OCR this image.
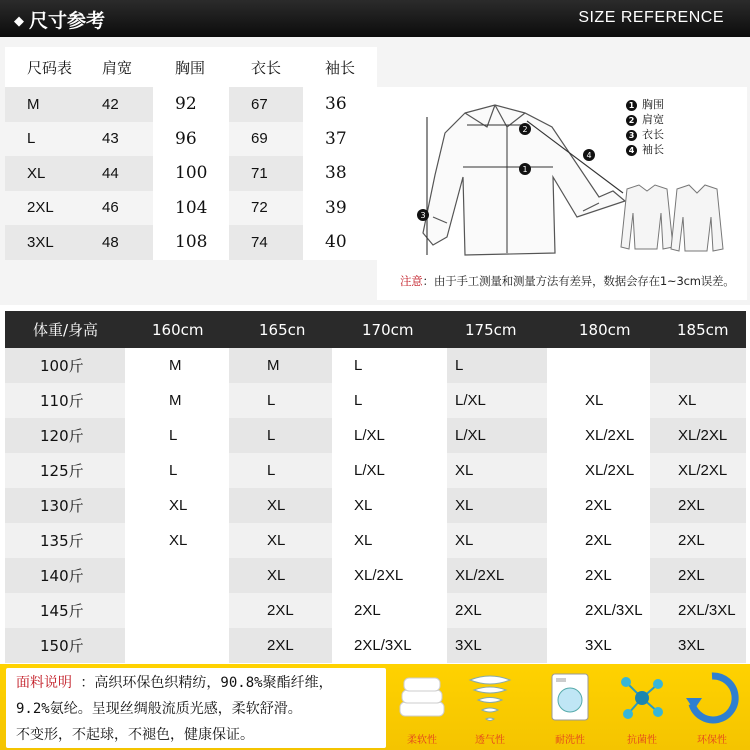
◆ 尺寸参考	SIZE REFERENCE
尺码表	肩宽	胸围	衣长	袖长
M	42	92	67	36
L	43	96	69	37
XL	44	100	71	38
2XL	46	104	72	39
3XL	48	108	74	40
2
1
3
4
1 胸围
2 肩宽
3 衣长
4 袖长
注意：由于手工测量和测量方法有差异，数据会存在1~3cm误差。
体重/身高	160cm	165cn	170cm	175cm	180cm	185cm
100斤	M	M	L	L		
110斤	M	L	L	L/XL	XL	XL
120斤	L	L	L/XL	L/XL	XL/2XL	XL/2XL
125斤	L	L	L/XL	XL	XL/2XL	XL/2XL
130斤	XL	XL	XL	XL	2XL	2XL
135斤	XL	XL	XL	XL	2XL	2XL
140斤		XL	XL/2XL	XL/2XL	2XL	2XL
145斤		2XL	2XL	2XL	2XL/3XL	2XL/3XL
150斤		2XL	2XL/3XL	3XL	3XL	3XL
面料说明 ：高织环保色织精纺，90.8%聚酯纤维，
9.2%氨纶。呈现丝绸般流质光感，柔软舒滑。
不变形，不起球，不褪色，健康保证。	柔软性	透气性	耐洗性	抗菌性	环保性
